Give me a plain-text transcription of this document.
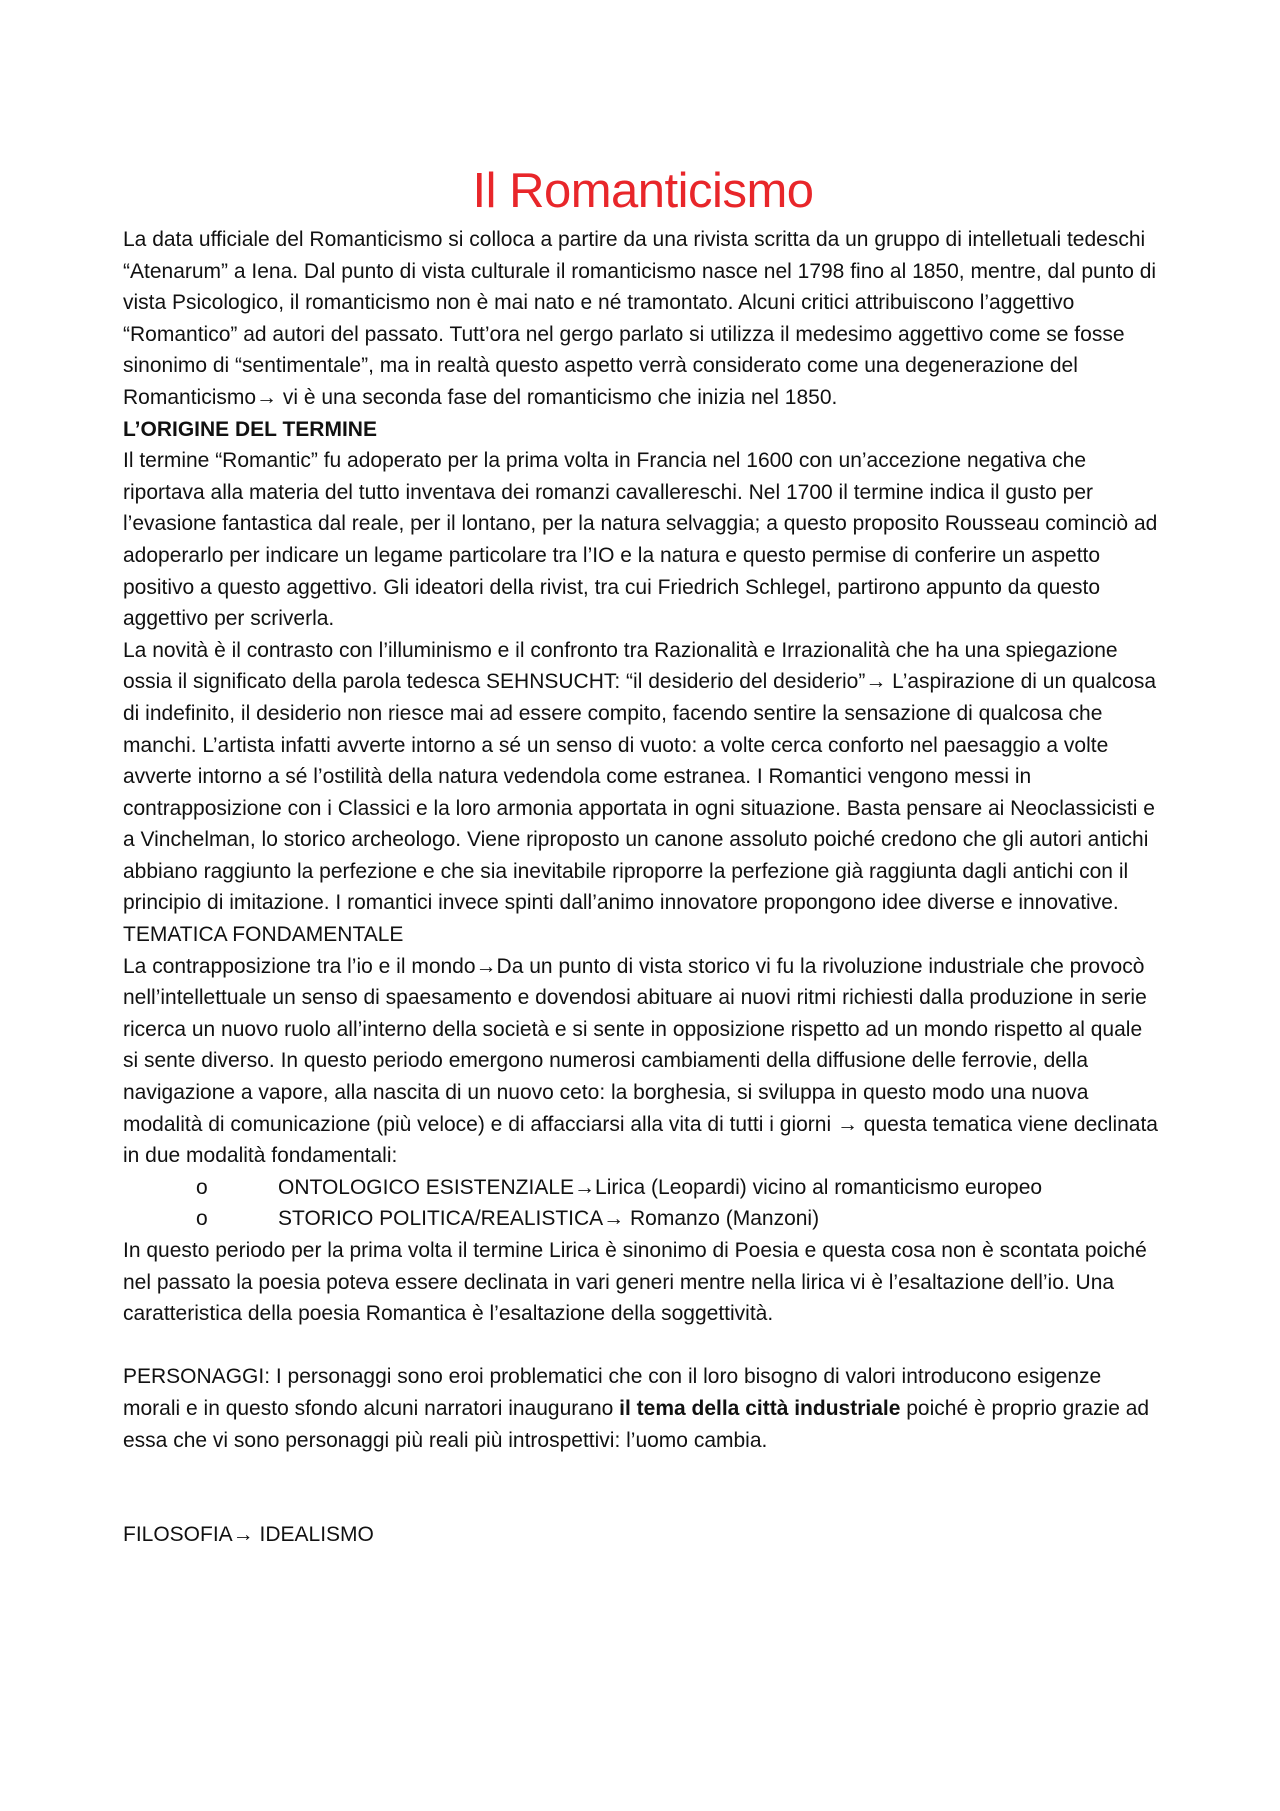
Il Romanticismo

La data ufficiale del Romanticismo si colloca a partire da una rivista scritta da un gruppo di intelletuali tedeschi “Atenarum” a Iena. Dal punto di vista culturale il romanticismo nasce nel 1798 fino al 1850, mentre, dal punto di vista Psicologico, il romanticismo non è mai nato e né tramontato. Alcuni critici attribuiscono l’aggettivo “Romantico” ad autori del passato. Tutt’ora nel gergo parlato si utilizza il medesimo aggettivo come se fosse sinonimo di “sentimentale”, ma in realtà questo aspetto verrà considerato come una degenerazione del Romanticismo→ vi è una seconda fase del romanticismo che inizia nel 1850.

L’ORIGINE DEL TERMINE

Il termine “Romantic” fu adoperato per la prima volta in Francia nel 1600 con un’accezione negativa che riportava alla materia del tutto inventava dei romanzi cavallereschi. Nel 1700 il termine indica il gusto per l’evasione fantastica dal reale, per il lontano, per la natura selvaggia; a questo proposito Rousseau cominciò ad adoperarlo per indicare un legame particolare tra l’IO e la natura e questo permise di conferire un aspetto positivo a questo aggettivo. Gli ideatori della rivist, tra cui Friedrich Schlegel, partirono appunto da questo aggettivo per scriverla.

La novità è il contrasto con l’illuminismo e il confronto tra Razionalità e Irrazionalità che ha una spiegazione ossia il significato della parola tedesca SEHNSUCHT: “il desiderio del desiderio”→ L’aspirazione di un qualcosa di indefinito, il desiderio non riesce mai ad essere compito, facendo sentire la sensazione di qualcosa che manchi. L’artista infatti avverte intorno a sé un senso di vuoto: a volte cerca conforto nel paesaggio a volte avverte intorno a sé l’ostilità della natura vedendola come estranea. I Romantici vengono messi in contrapposizione con i Classici e la loro armonia apportata in ogni situazione. Basta pensare ai Neoclassicisti e a Vinchelman, lo storico archeologo. Viene riproposto un canone assoluto poiché credono che gli autori antichi abbiano raggiunto la perfezione e che sia inevitabile riproporre la perfezione già raggiunta dagli antichi con il principio di imitazione. I romantici invece spinti dall’animo innovatore propongono idee diverse e innovative.

TEMATICA FONDAMENTALE

La contrapposizione tra l’io e il mondo→Da un punto di vista storico vi fu la rivoluzione industriale che provocò nell’intellettuale un senso di spaesamento e dovendosi abituare ai nuovi ritmi richiesti dalla produzione in serie ricerca un nuovo ruolo all’interno della società e si sente in opposizione rispetto ad un mondo rispetto al quale si sente diverso. In questo periodo emergono numerosi cambiamenti della diffusione delle ferrovie, della navigazione a vapore, alla nascita di un nuovo ceto: la borghesia, si sviluppa in questo modo una nuova modalità di comunicazione (più veloce) e di affacciarsi alla vita di tutti i giorni → questa tematica viene declinata in due modalità fondamentali:

o	ONTOLOGICO ESISTENZIALE→Lirica (Leopardi) vicino al romanticismo europeo
o	STORICO POLITICA/REALISTICA→ Romanzo (Manzoni)

In questo periodo per la prima volta il termine Lirica è sinonimo di Poesia e questa cosa non è scontata poiché nel passato la poesia poteva essere declinata in vari generi mentre nella lirica vi è l’esaltazione dell’io. Una caratteristica della poesia Romantica è l’esaltazione della soggettività.

PERSONAGGI: I personaggi sono eroi problematici che con il loro bisogno di valori introducono esigenze morali e in questo sfondo alcuni narratori inaugurano il tema della città industriale poiché è proprio grazie ad essa che vi sono personaggi più reali più introspettivi: l’uomo cambia.

FILOSOFIA→ IDEALISMO
